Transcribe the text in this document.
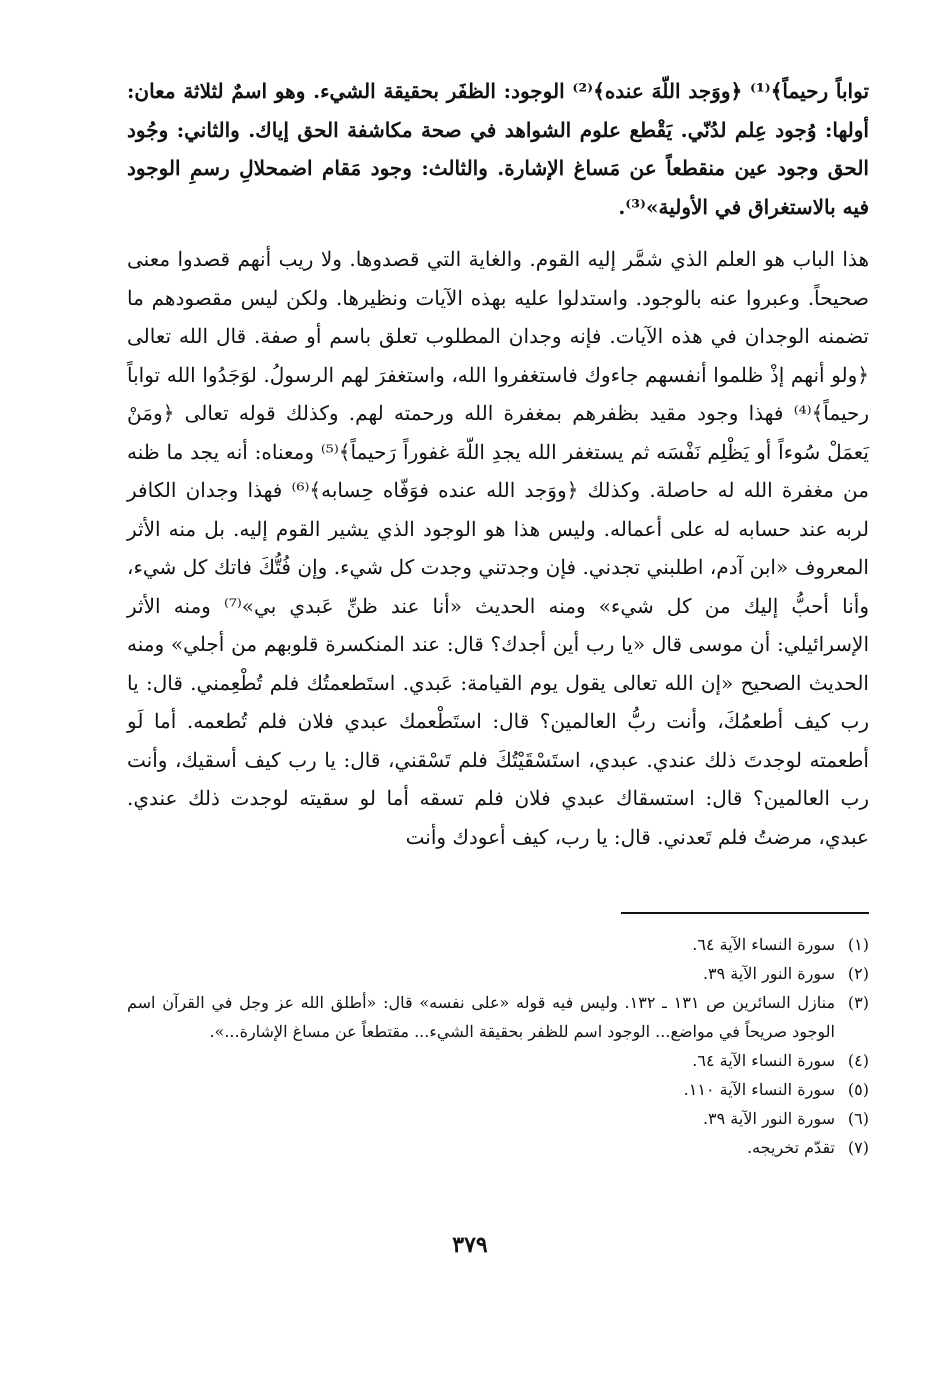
تواباً رحيماً﴾⁽¹⁾ ﴿ووَجد اللّهَ عنده﴾⁽²⁾ الوجود: الظفَر بحقيقة الشيء. وهو اسمٌ لثلاثة معان: أولها: وُجود عِلم لدُنّي. يَقْطع علوم الشواهد في صحة مكاشفة الحق إياك. والثاني: وجُود الحق وجود عين منقطعاً عن مَساغ الإشارة. والثالث: وجود مَقام اضمحلالِ رسمِ الوجود فيه بالاستغراق في الأولية»⁽³⁾.

هذا الباب هو العلم الذي شمَّر إليه القوم. والغاية التي قصدوها. ولا ريب أنهم قصدوا معنى صحيحاً. وعبروا عنه بالوجود. واستدلوا عليه بهذه الآيات ونظيرها. ولكن ليس مقصودهم ما تضمنه الوجدان في هذه الآيات. فإنه وجدان المطلوب تعلق باسم أو صفة. قال الله تعالى ﴿ولو أنهم إذْ ظلموا أنفسهم جاءوك فاستغفروا الله، واستغفرَ لهم الرسولُ. لوَجَدُوا الله تواباً رحيماً﴾⁽⁴⁾ فهذا وجود مقيد بظفرهم بمغفرة الله ورحمته لهم. وكذلك قوله تعالى ﴿ومَنْ يَعمَلْ سُوءاً أو يَظْلِم نَفْسَه ثم يستغفر الله يجدِ اللّهَ غفوراً رَحيماً﴾⁽⁵⁾ ومعناه: أنه يجد ما ظنه من مغفرة الله له حاصلة. وكذلك ﴿ووَجد الله عنده فوَفّاه حِسابه﴾⁽⁶⁾ فهذا وجدان الكافر لربه عند حسابه له على أعماله. وليس هذا هو الوجود الذي يشير القوم إليه. بل منه الأثر المعروف «ابن آدم، اطلبني تجدني. فإن وجدتني وجدت كل شيء. وإن فُتُّكَ فاتك كل شيء، وأنا أحبُّ إليك من كل شيء» ومنه الحديث «أنا عند ظنِّ عَبدي بي»⁽⁷⁾ ومنه الأثر الإسرائيلي: أن موسى قال «يا رب أين أجدك؟ قال: عند المنكسرة قلوبهم من أجلي» ومنه الحديث الصحيح «إن الله تعالى يقول يوم القيامة: عَبدي. استَطعمتُك فلم تُطْعِمني. قال: يا رب كيف أطعمُكَ، وأنت ربُّ العالمين؟ قال: استَطْعمك عبدي فلان فلم تُطعمه. أما لَو أطعمته لوجدتَ ذلك عندي. عبدي، استَسْقَيْتُكَ فلم تَسْقني، قال: يا رب كيف أسقيك، وأنت رب العالمين؟ قال: استسقاك عبدي فلان فلم تسقه أما لو سقيته لوجدت ذلك عندي. عبدي، مرضتُ فلم تَعدني. قال: يا رب، كيف أعودك وأنت

(١)
سورة النساء الآية ٦٤.
(٢)
سورة النور الآية ٣٩.
(٣)
منازل السائرين ص ١٣١ ـ ١٣٢. وليس فيه قوله «على نفسه» قال: «أطلق الله عز وجل في القرآن اسم الوجود صريحاً في مواضع... الوجود اسم للظفر بحقيقة الشيء... مقتطعاً عن مساغ الإشارة...».
(٤)
سورة النساء الآية ٦٤.
(٥)
سورة النساء الآية ١١٠.
(٦)
سورة النور الآية ٣٩.
(٧)
تقدّم تخريجه.
٣٧٩
